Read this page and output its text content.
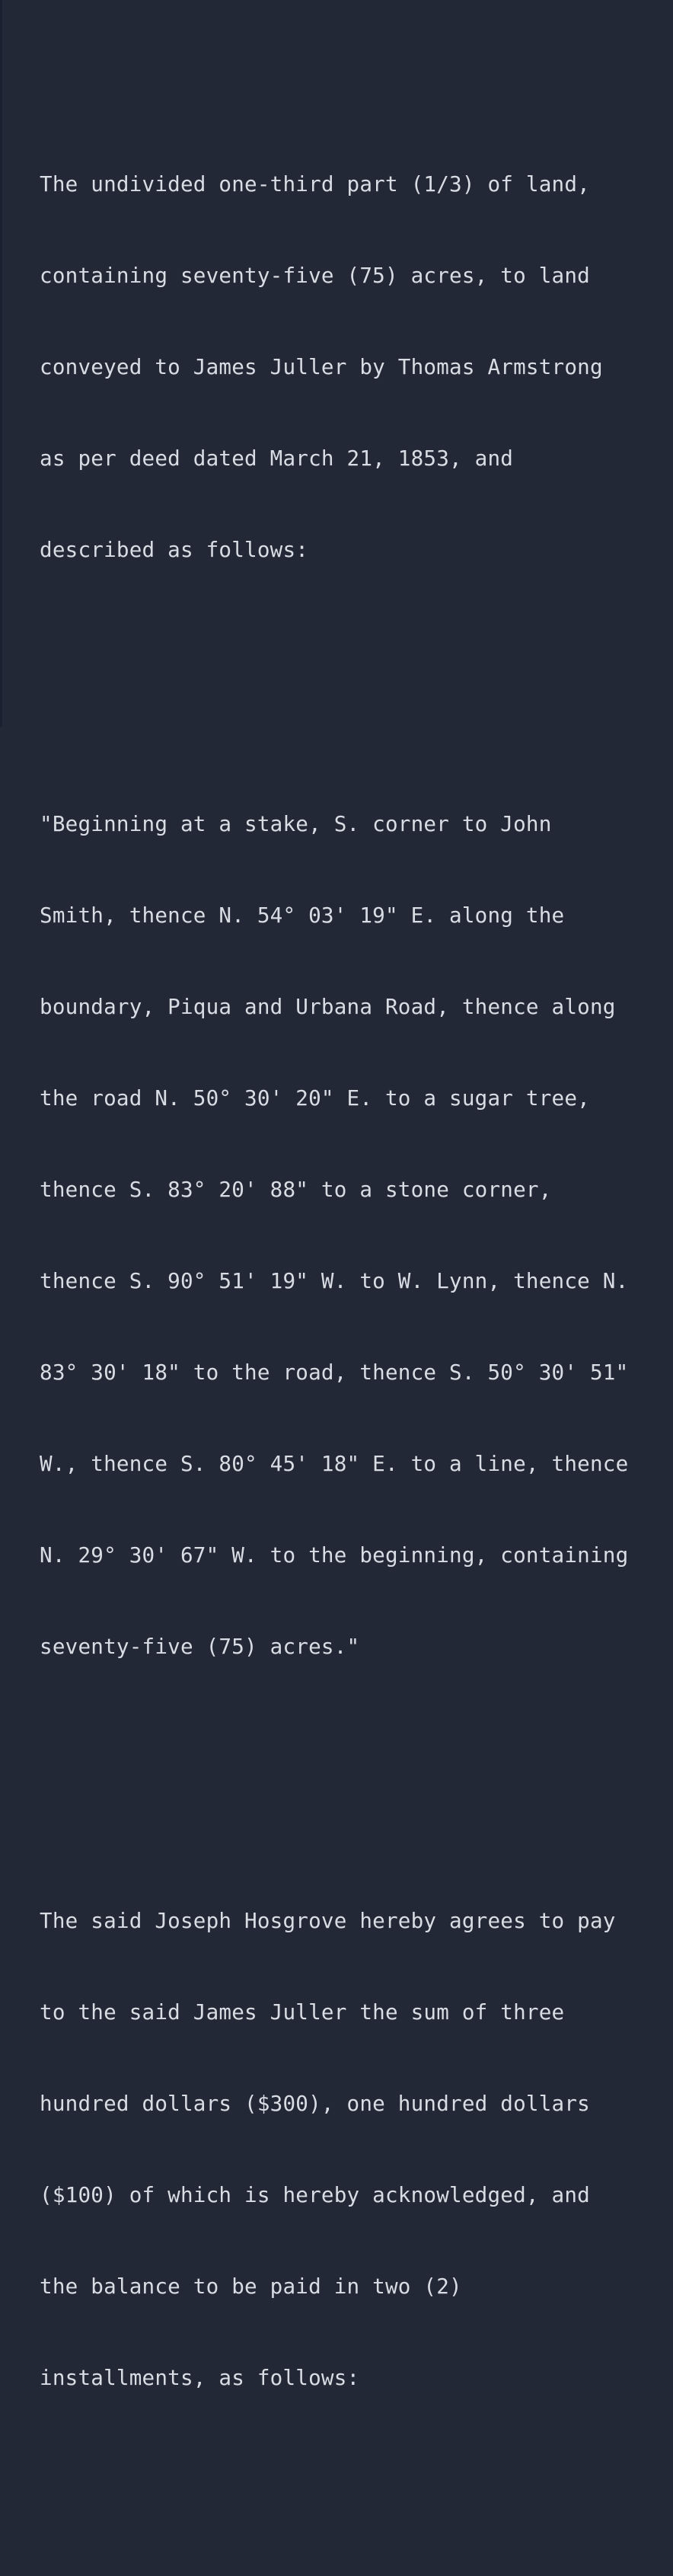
The undivided one-third part (1/3) of land,

containing seventy-five (75) acres, to land

conveyed to James Juller by Thomas Armstrong

as per deed dated March 21, 1853, and

described as follows:

"Beginning at a stake, S. corner to John

Smith, thence N. 54° 03' 19" E. along the

boundary, Piqua and Urbana Road, thence along

the road N. 50° 30' 20" E. to a sugar tree,

thence S. 83° 20' 88" to a stone corner,

thence S. 90° 51' 19" W. to W. Lynn, thence N.

83° 30' 18" to the road, thence S. 50° 30' 51"

W., thence S. 80° 45' 18" E. to a line, thence

N. 29° 30' 67" W. to the beginning, containing

seventy-five (75) acres."

The said Joseph Hosgrove hereby agrees to pay

to the said James Juller the sum of three

hundred dollars ($300), one hundred dollars

($100) of which is hereby acknowledged, and

the balance to be paid in two (2)

installments, as follows:
